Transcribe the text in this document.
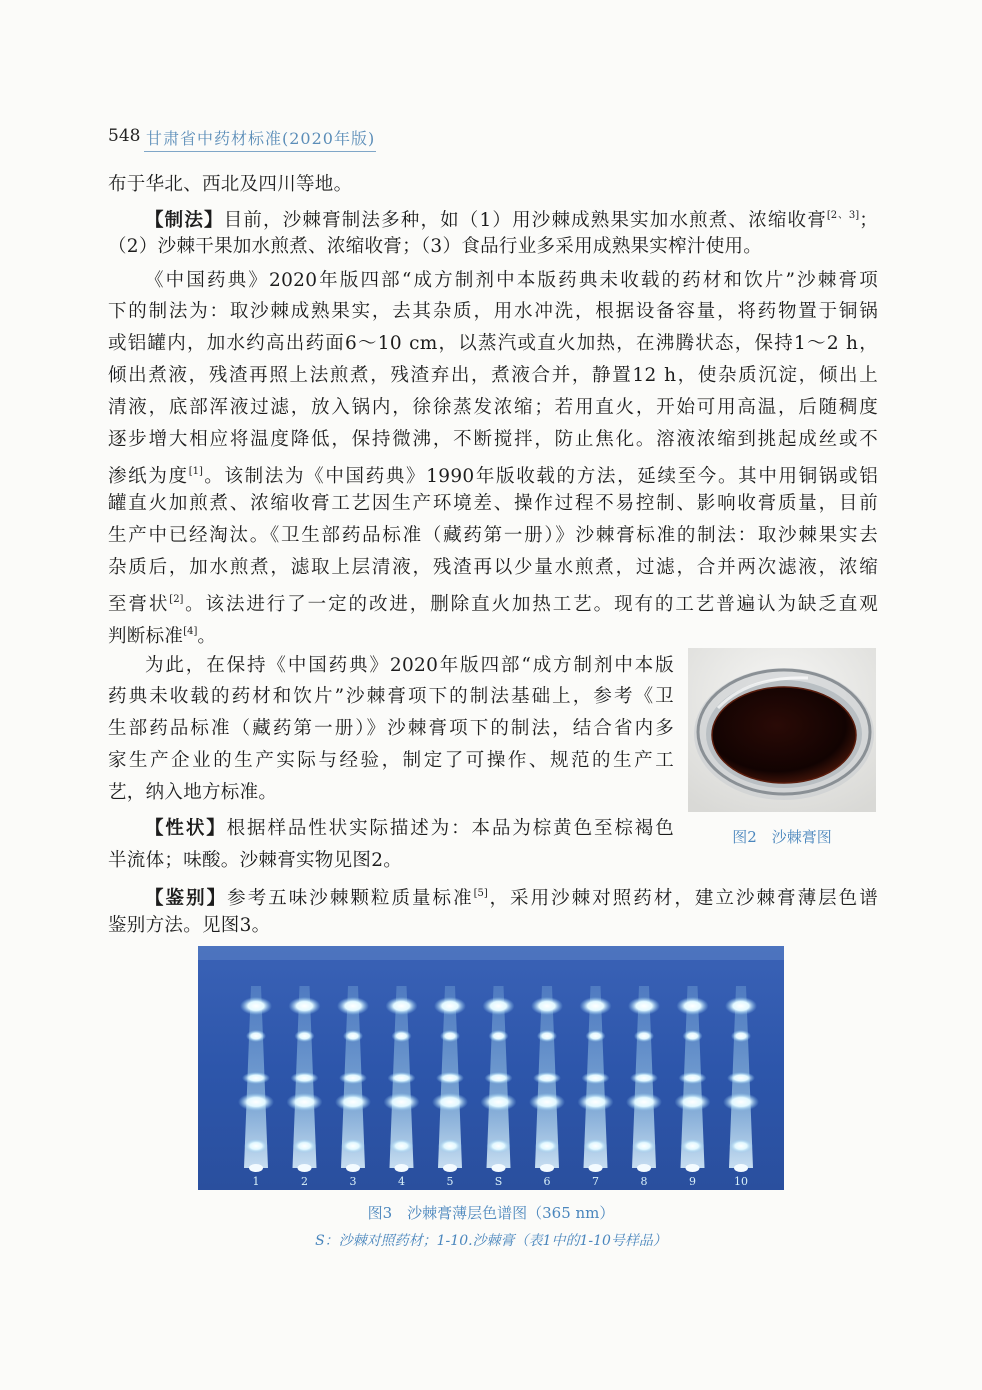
548 甘肃省中药材标准(2020年版)
布于华北、西北及四川等地。
【制法】目前，沙棘膏制法多种，如（1）用沙棘成熟果实加水煎煮、浓缩收膏[2、3]；
（2）沙棘干果加水煎煮、浓缩收膏；（3）食品行业多采用成熟果实榨汁使用。
《中国药典》2020年版四部“成方制剂中本版药典未收载的药材和饮片”沙棘膏项
下的制法为：取沙棘成熟果实，去其杂质，用水冲洗，根据设备容量，将药物置于铜锅
或铝罐内，加水约高出药面6～10 cm，以蒸汽或直火加热，在沸腾状态，保持1～2 h，
倾出煮液，残渣再照上法煎煮，残渣弃出，煮液合并，静置12 h，使杂质沉淀，倾出上
清液，底部浑液过滤，放入锅内，徐徐蒸发浓缩；若用直火，开始可用高温，后随稠度
逐步增大相应将温度降低，保持微沸，不断搅拌，防止焦化。溶液浓缩到挑起成丝或不
渗纸为度[1]。该制法为《中国药典》1990年版收载的方法，延续至今。其中用铜锅或铝
罐直火加煎煮、浓缩收膏工艺因生产环境差、操作过程不易控制、影响收膏质量，目前
生产中已经淘汰。《卫生部药品标准（藏药第一册）》沙棘膏标准的制法：取沙棘果实去
杂质后，加水煎煮，滤取上层清液，残渣再以少量水煎煮，过滤，合并两次滤液，浓缩
至膏状[2]。该法进行了一定的改进，删除直火加热工艺。现有的工艺普遍认为缺乏直观
判断标准[4]。
为此，在保持《中国药典》2020年版四部“成方制剂中本版
药典未收载的药材和饮片”沙棘膏项下的制法基础上，参考《卫
生部药品标准（藏药第一册）》沙棘膏项下的制法，结合省内多
家生产企业的生产实际与经验，制定了可操作、规范的生产工
艺，纳入地方标准。
【性状】根据样品性状实际描述为：本品为棕黄色至棕褐色
半流体；味酸。沙棘膏实物见图2。
【鉴别】参考五味沙棘颗粒质量标准[5]，采用沙棘对照药材，建立沙棘膏薄层色谱
鉴别方法。见图3。
图2　沙棘膏图
1	2	3	4	5	S	6	7	8	9	10
图3　沙棘膏薄层色谱图（365 nm）
S：沙棘对照药材；1-10.沙棘膏（表1中的1-10号样品）
